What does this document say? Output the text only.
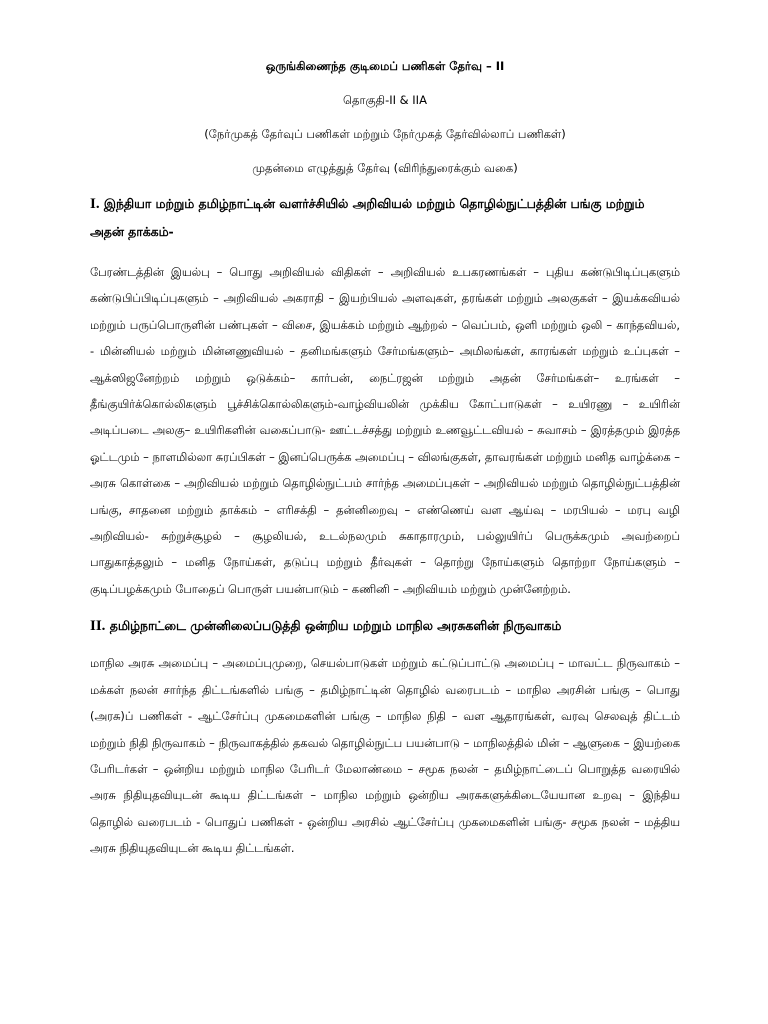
ஒருங்கிணைந்த குடிமைப் பணிகள் தேர்வு – II
தொகுதி-II & IIA
(நேர்முகத் தேர்வுப் பணிகள் மற்றும் நேர்முகத் தேர்வில்லாப் பணிகள்)
முதன்மை எழுத்துத் தேர்வு (விரிந்துரைக்கும் வகை)
I. இந்தியா மற்றும் தமிழ்நாட்டின் வளர்ச்சியில் அறிவியல் மற்றும் தொழில்நுட்பத்தின் பங்கு மற்றும் அதன் தாக்கம்-
பேரண்டத்தின் இயல்பு – பொது அறிவியல் விதிகள் – அறிவியல் உபகரணங்கள் – புதிய கண்டுபிடிப்புகளும் கண்டுபிப்பிடிப்புகளும் – அறிவியல் அகராதி – இயற்பியல் அளவுகள், தரங்கள் மற்றும் அலகுகள் – இயக்கவியல் மற்றும் பருப்பொருளின் பண்புகள் – விசை, இயக்கம் மற்றும் ஆற்றல் – வெப்பம், ஒளி மற்றும் ஒலி – காந்தவியல், - மின்னியல் மற்றும் மின்னணுவியல் – தனிமங்களும் சேர்மங்களும்– அமிலங்கள், காரங்கள் மற்றும் உப்புகள் – ஆக்ஸிஜனேற்றம் மற்றும் ஒடுக்கம்– கார்பன், நைட்ரஜன் மற்றும் அதன் சேர்மங்கள்– உரங்கள் – தீங்குயிர்க்கொல்லிகளும் பூச்சிக்கொல்லிகளும்-வாழ்வியலின் முக்கிய கோட்பாடுகள் – உயிரணு – உயிரின் அடிப்படை அலகு– உயிரிகளின் வகைப்பாடு- ஊட்டச்சத்து மற்றும் உணவூட்டவியல் – சுவாசம் – இரத்தமும் இரத்த ஓட்டமும் – நாளமில்லா சுரப்பிகள் – இனப்பெருக்க அமைப்பு – விலங்குகள், தாவரங்கள் மற்றும் மனித வாழ்க்கை – அரசு கொள்கை – அறிவியல் மற்றும் தொழில்நுட்பம் சார்ந்த அமைப்புகள் – அறிவியல் மற்றும் தொழில்நுட்பத்தின் பங்கு, சாதனை மற்றும் தாக்கம் – எரிசக்தி – தன்னிறைவு – எண்ணெய் வள ஆய்வு – மரபியல் – மரபு வழி அறிவியல்- சுற்றுச்சூழல் – சூழலியல், உடல்நலமும் சுகாதாரமும், பல்லுயிர்ப் பெருக்கமும் அவற்றைப் பாதுகாத்தலும் – மனித நோய்கள், தடுப்பு மற்றும் தீர்வுகள் – தொற்று நோய்களும் தொற்றா நோய்களும் – குடிப்பழக்கமும் போதைப் பொருள் பயன்பாடும் – கணினி – அறிவியம் மற்றும் முன்னேற்றம்.
II. தமிழ்நாட்டை முன்னிலைப்படுத்தி ஒன்றிய மற்றும் மாநில அரசுகளின் நிருவாகம்
மாநில அரசு அமைப்பு – அமைப்புமுறை, செயல்பாடுகள் மற்றும் கட்டுப்பாட்டு அமைப்பு – மாவட்ட நிருவாகம் – மக்கள் நலன் சார்ந்த திட்டங்களில் பங்கு – தமிழ்நாட்டின் தொழில் வரைபடம் – மாநில அரசின் பங்கு – பொது (அரசு)ப் பணிகள் - ஆட்சேர்ப்பு முகமைகளின் பங்கு – மாநில நிதி – வள ஆதாரங்கள், வரவு செலவுத் திட்டம் மற்றும் நிதி நிருவாகம் – நிருவாகத்தில் தகவல் தொழில்நுட்ப பயன்பாடு – மாநிலத்தில் மின் – ஆளுகை – இயற்கை பேரிடர்கள் – ஒன்றிய மற்றும் மாநில பேரிடர் மேலாண்மை – சமூக நலன் – தமிழ்நாட்டைப் பொறுத்த வரையில் அரசு நிதியுதவியுடன் கூடிய திட்டங்கள் – மாநில மற்றும் ஒன்றிய அரசுகளுக்கிடையேயான உறவு – இந்திய தொழில் வரைபடம் - பொதுப் பணிகள் - ஒன்றிய அரசில் ஆட்சேர்ப்பு முகமைகளின் பங்கு- சமூக நலன் – மத்திய அரசு நிதியுதவியுடன் கூடிய திட்டங்கள்.
